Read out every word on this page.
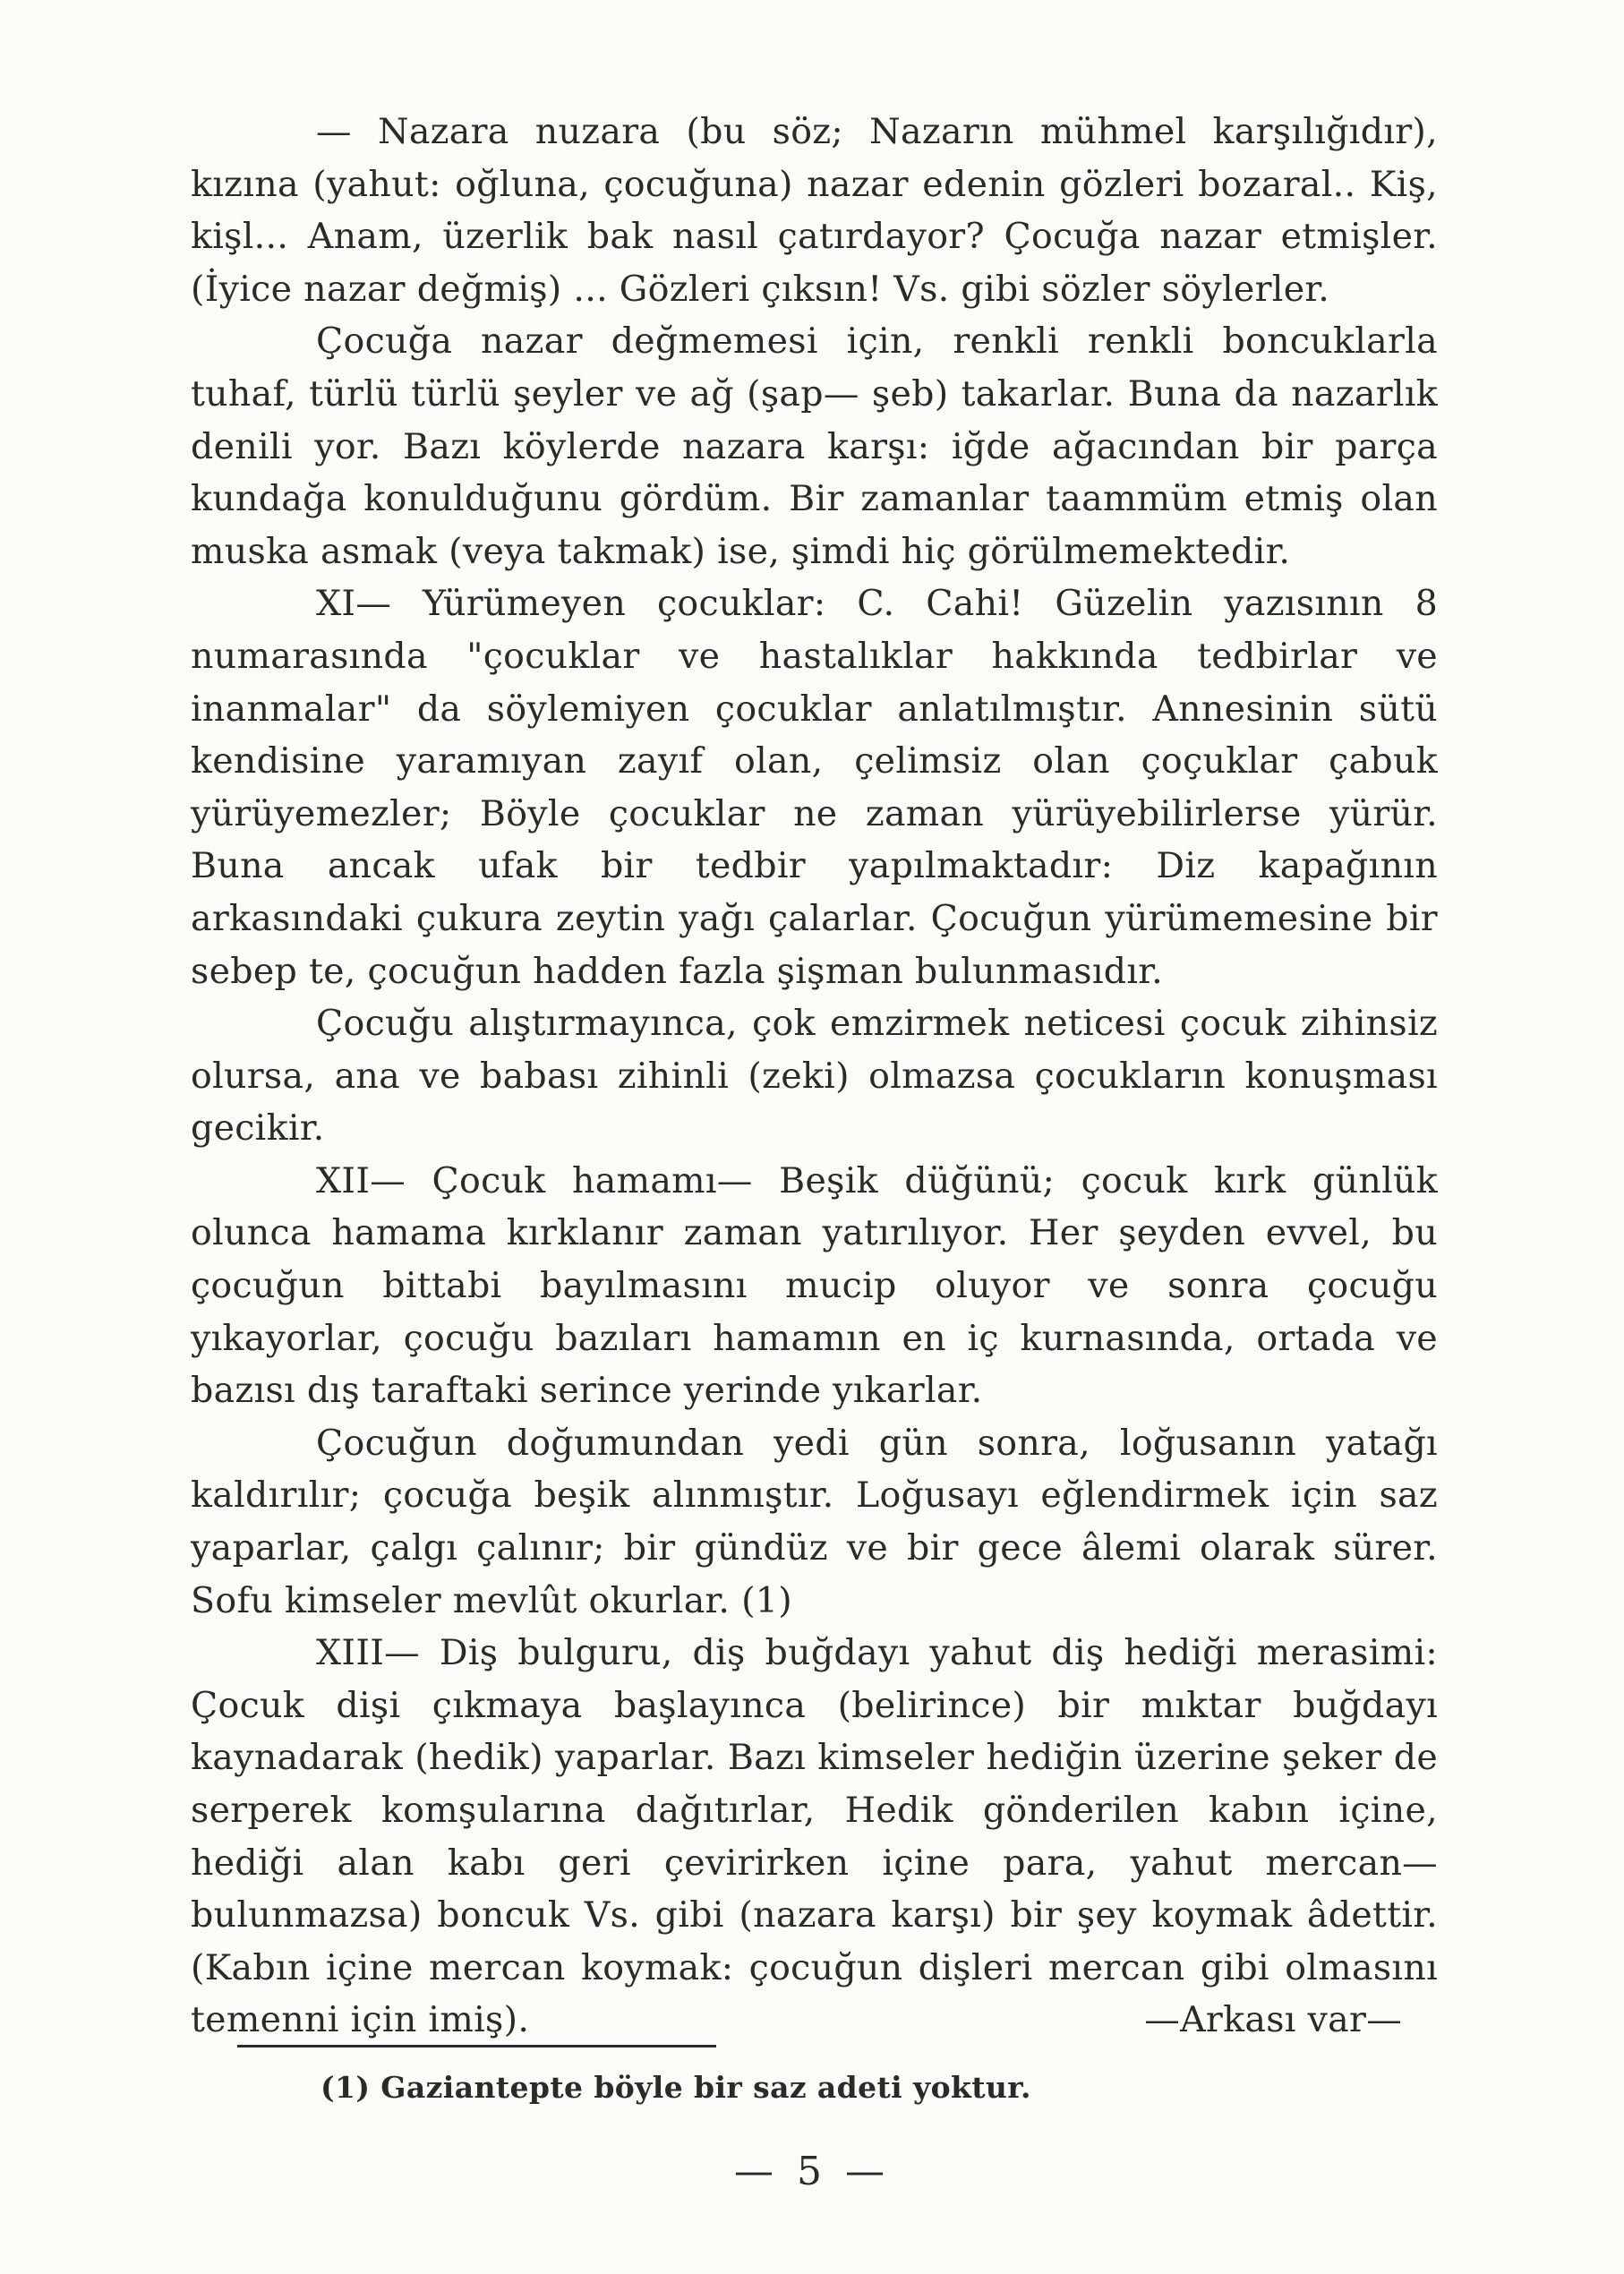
— Nazara nuzara (bu söz; Nazarın mühmel karşılığıdır), kızına (yahut: oğluna, çocuğuna) nazar edenin gözleri bozaral.. Kiş, kişl... Anam, üzerlik bak nasıl çatırdayor? Çocuğa nazar etmişler. (İyice nazar değmiş) ... Gözleri çıksın! Vs. gibi sözler söylerler.

Çocuğa nazar değmemesi için, renkli renkli boncuklarla tuhaf, türlü türlü şeyler ve ağ (şap— şeb) takarlar. Buna da nazarlık denili yor. Bazı köylerde nazara karşı: iğde ağacından bir parça kundağa konulduğunu gördüm. Bir zamanlar taammüm etmiş olan muska asmak (veya takmak) ise, şimdi hiç görülmemektedir.

XI— Yürümeyen çocuklar: C. Cahi! Güzelin yazısının 8 numarasında "çocuklar ve hastalıklar hakkında tedbirlar ve inanmalar" da söylemiyen çocuklar anlatılmıştır. Annesinin sütü kendisine yaramıyan zayıf olan, çelimsiz olan çoçuklar çabuk yürüyemezler; Böyle çocuklar ne zaman yürüyebilirlerse yürür. Buna ancak ufak bir tedbir yapılmaktadır: Diz kapağının arkasındaki çukura zeytin yağı çalarlar. Çocuğun yürümemesine bir sebep te, çocuğun hadden fazla şişman bulunmasıdır.

Çocuğu alıştırmayınca, çok emzirmek neticesi çocuk zihinsiz olursa, ana ve babası zihinli (zeki) olmazsa çocukların konuşması gecikir.

XII— Çocuk hamamı— Beşik düğünü; çocuk kırk günlük olunca hamama kırklanır zaman yatırılıyor. Her şeyden evvel, bu çocuğun bittabi bayılmasını mucip oluyor ve sonra çocuğu yıkayorlar, çocuğu bazıları hamamın en iç kurnasında, ortada ve bazısı dış taraftaki serince yerinde yıkarlar.

Çocuğun doğumundan yedi gün sonra, loğusanın yatağı kaldırılır; çocuğa beşik alınmıştır. Loğusayı eğlendirmek için saz yaparlar, çalgı çalınır; bir gündüz ve bir gece âlemi olarak sürer. Sofu kimseler mevlût okurlar. (1)

XIII— Diş bulguru, diş buğdayı yahut diş hediği merasimi: Çocuk dişi çıkmaya başlayınca (belirince) bir mıktar buğdayı kaynadarak (hedik) yaparlar. Bazı kimseler hediğin üzerine şeker de serperek komşularına dağıtırlar, Hedik gönderilen kabın içine, hediği alan kabı geri çevirirken içine para, yahut mercan— bulunmazsa) boncuk Vs. gibi (nazara karşı) bir şey koymak âdettir. (Kabın içine mercan koymak: çocuğun dişleri mercan gibi olmasını temenni için imiş).	—Arkası var—

(1) Gaziantepte böyle bir saz adeti yoktur.
— 5 —
